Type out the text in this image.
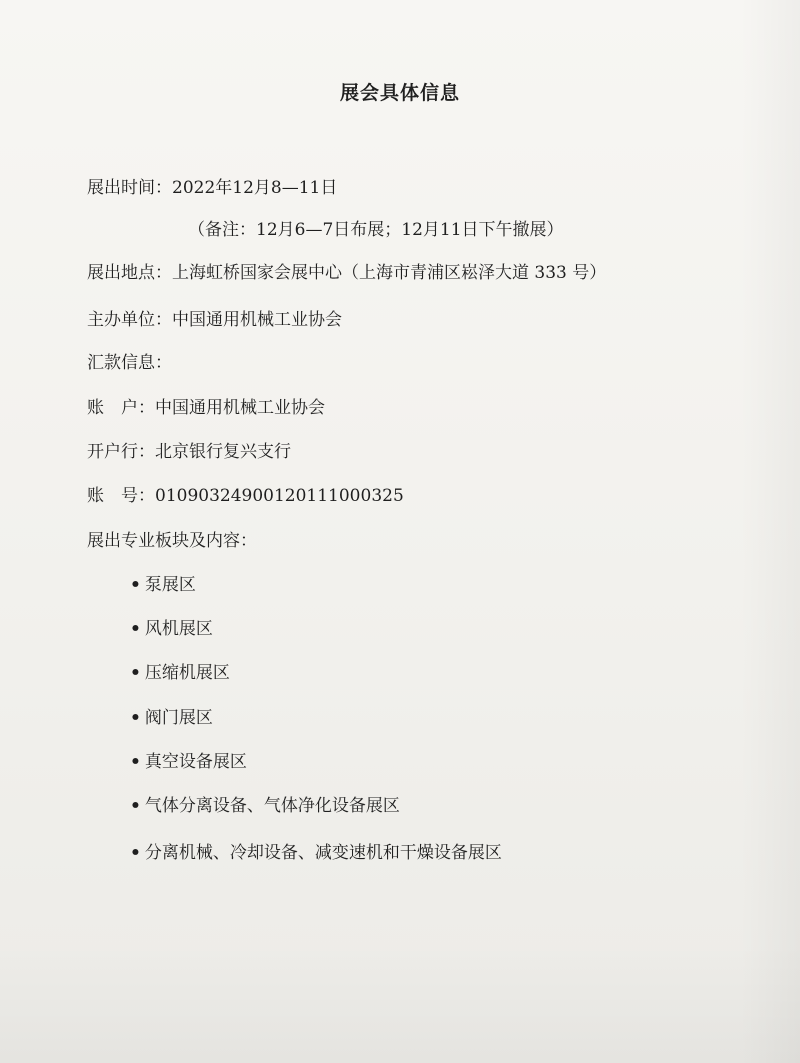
展会具体信息
展出时间：2022年12月8—11日
（备注：12月6—7日布展；12月11日下午撤展）
展出地点：上海虹桥国家会展中心（上海市青浦区崧泽大道 333 号）
主办单位：中国通用机械工业协会
汇款信息：
账　户：中国通用机械工业协会
开户行：北京银行复兴支行
账　号：01090324900120111000325
展出专业板块及内容：
• 泵展区
• 风机展区
• 压缩机展区
• 阀门展区
• 真空设备展区
• 气体分离设备、气体净化设备展区
• 分离机械、冷却设备、减变速机和干燥设备展区
